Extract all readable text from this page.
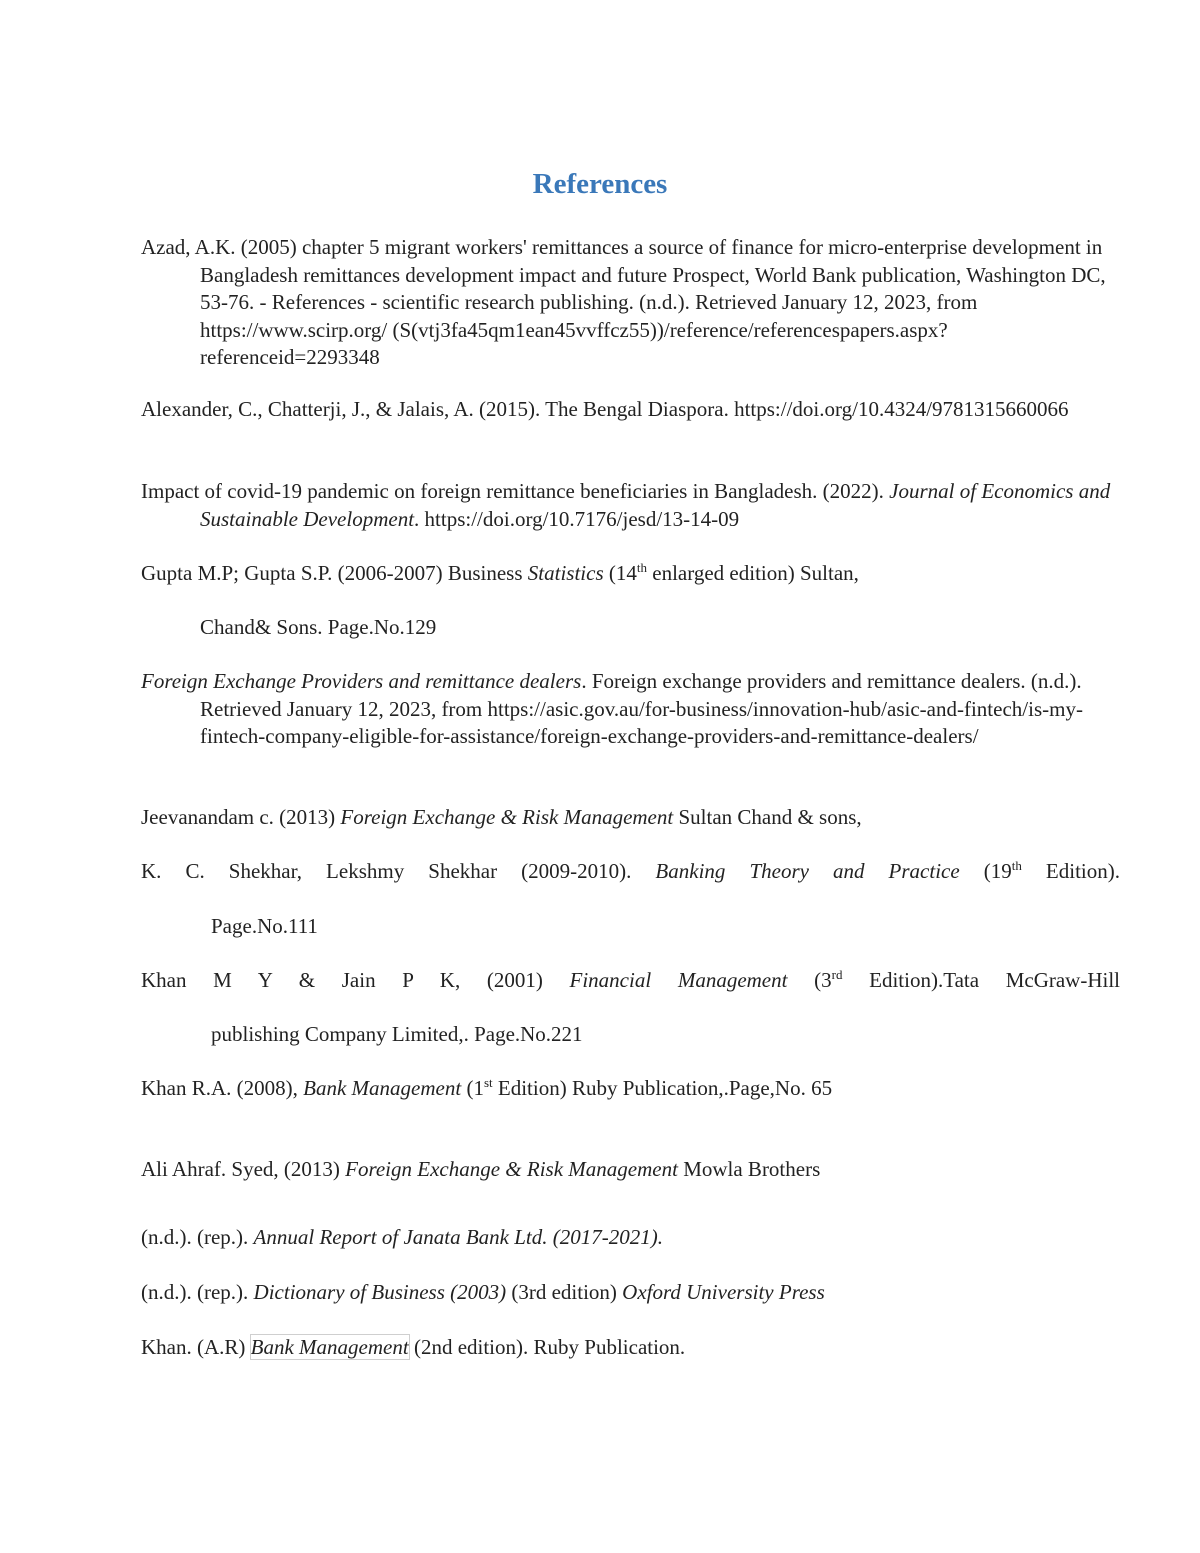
References

Azad, A.K. (2005) chapter 5 migrant workers' remittances a source of finance for micro-enterprise development in Bangladesh remittances development impact and future Prospect, World Bank publication, Washington DC, 53-76. - References - scientific research publishing. (n.d.). Retrieved January 12, 2023, from https://www.scirp.org/ (S(vtj3fa45qm1ean45vvffcz55))/reference/referencespapers.aspx?referenceid=2293348

Alexander, C., Chatterji, J., & Jalais, A. (2015). The Bengal Diaspora. https://doi.org/10.4324/9781315660066

Impact of covid-19 pandemic on foreign remittance beneficiaries in Bangladesh. (2022). Journal of Economics and Sustainable Development. https://doi.org/10.7176/jesd/13-14-09

Gupta M.P; Gupta S.P. (2006-2007) Business Statistics (14th enlarged edition) Sultan,

Chand& Sons. Page.No.129

Foreign Exchange Providers and remittance dealers. Foreign exchange providers and remittance dealers. (n.d.). Retrieved January 12, 2023, from https://asic.gov.au/for-business/innovation-hub/asic-and-fintech/is-my-fintech-company-eligible-for-assistance/foreign-exchange-providers-and-remittance-dealers/

Jeevanandam c. (2013) Foreign Exchange & Risk Management Sultan Chand & sons,

K. C. Shekhar, Lekshmy Shekhar (2009-2010). Banking Theory and Practice (19th Edition).

Page.No.111

Khan M Y & Jain P K, (2001) Financial Management (3rd Edition).Tata McGraw-Hill

publishing Company Limited,. Page.No.221

Khan R.A. (2008), Bank Management (1st Edition) Ruby Publication,.Page,No. 65

Ali Ahraf. Syed, (2013) Foreign Exchange & Risk Management Mowla Brothers

(n.d.). (rep.). Annual Report of Janata Bank Ltd. (2017-2021).

(n.d.). (rep.). Dictionary of Business (2003) (3rd edition) Oxford University Press

Khan. (A.R) Bank Management (2nd edition). Ruby Publication.
